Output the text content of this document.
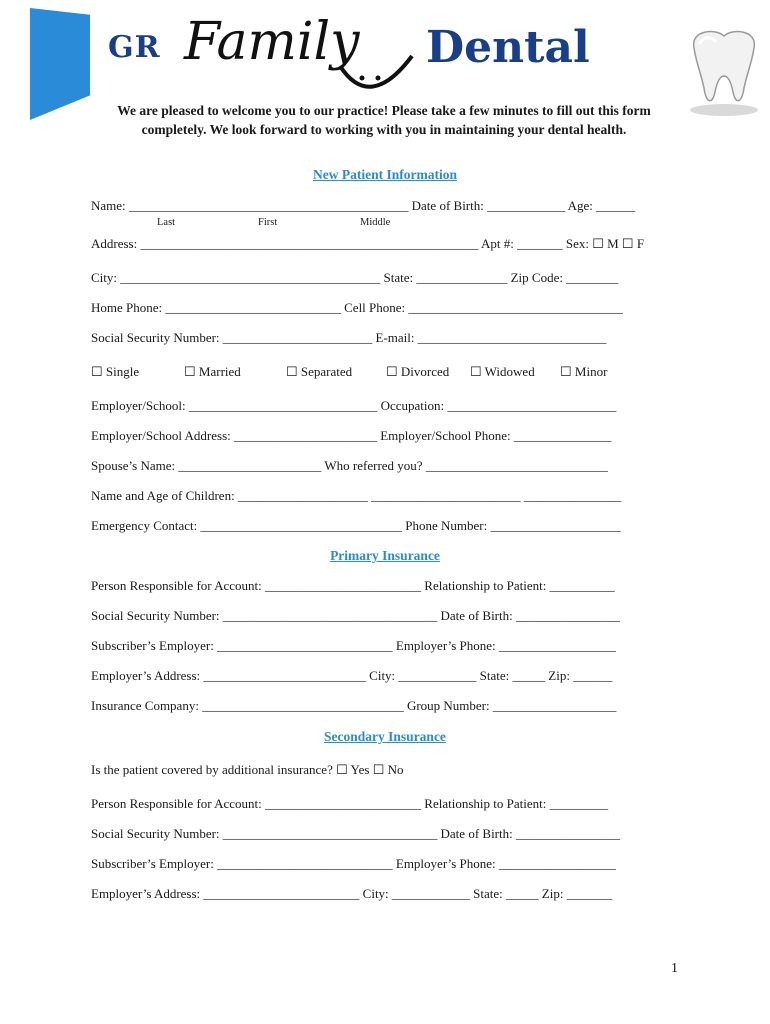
GR Family Dental
We are pleased to welcome you to our practice! Please take a few minutes to fill out this form completely. We look forward to working with you in maintaining your dental health.
New Patient Information
Name: ___________________________________________ Date of Birth: ____________ Age: ______
Last	First	Middle
Address: ____________________________________________________ Apt #: _______ Sex: ☐ M ☐ F
City: ________________________________________ State: ______________ Zip Code: ________
Home Phone: ___________________________ Cell Phone: _________________________________
Social Security Number: _______________________ E-mail: _____________________________
☐ Single	☐ Married	☐ Separated	☐ Divorced ☐ Widowed ☐ Minor
Employer/School: _____________________________ Occupation: __________________________
Employer/School Address: ______________________ Employer/School Phone: _______________
Spouse’s Name: ______________________ Who referred you? ____________________________
Name and Age of Children: ____________________ _______________________ _______________
Emergency Contact: _______________________________ Phone Number: ____________________
Primary Insurance
Person Responsible for Account: ________________________ Relationship to Patient: __________
Social Security Number: _________________________________ Date of Birth: ________________
Subscriber’s Employer: ___________________________ Employer’s Phone: __________________
Employer’s Address: _________________________ City: ____________ State: _____ Zip: ______
Insurance Company: _______________________________ Group Number: ___________________
Secondary Insurance
Is the patient covered by additional insurance? ☐ Yes ☐ No
Person Responsible for Account: ________________________ Relationship to Patient: _________
Social Security Number: _________________________________ Date of Birth: ________________
Subscriber’s Employer: ___________________________ Employer’s Phone: __________________
Employer’s Address: ________________________ City: ____________ State: _____ Zip: _______
1
